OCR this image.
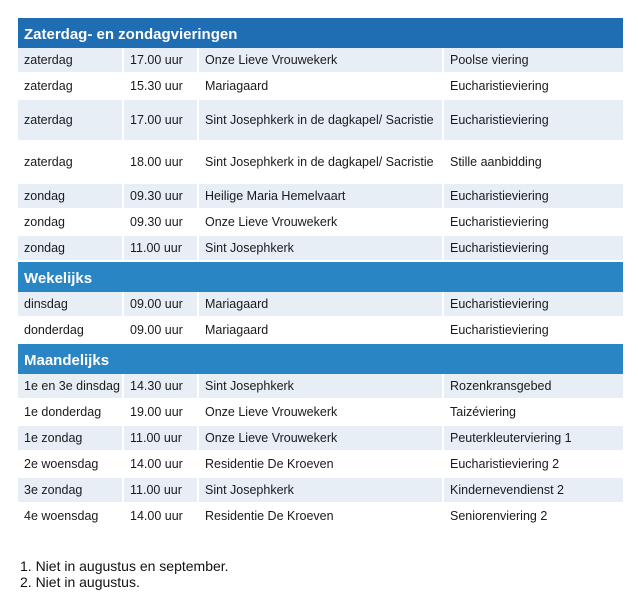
Zaterdag- en zondagvieringen
zaterdag	17.00 uur	Onze Lieve Vrouwekerk	Poolse viering
zaterdag	15.30 uur	Mariagaard	Eucharistieviering
zaterdag	17.00 uur	Sint Josephkerk in de dagkapel/ Sacristie	Eucharistieviering
zaterdag	18.00 uur	Sint Josephkerk in de dagkapel/ Sacristie	Stille aanbidding
zondag	09.30 uur	Heilige Maria Hemelvaart	Eucharistieviering
zondag	09.30 uur	Onze Lieve Vrouwekerk	Eucharistieviering
zondag	11.00 uur	Sint Josephkerk	Eucharistieviering
Wekelijks
dinsdag	09.00 uur	Mariagaard	Eucharistieviering
donderdag	09.00 uur	Mariagaard	Eucharistieviering
Maandelijks
1e en 3e dinsdag	14.30 uur	Sint Josephkerk	Rozenkransgebed
1e donderdag	19.00 uur	Onze Lieve Vrouwekerk	Taizéviering
1e zondag	11.00 uur	Onze Lieve Vrouwekerk	Peuterkleuterviering 1
2e woensdag	14.00 uur	Residentie De Kroeven	Eucharistieviering 2
3e zondag	11.00 uur	Sint Josephkerk	Kindernevendienst 2
4e woensdag	14.00 uur	Residentie De Kroeven	Seniorenviering 2
1. Niet in augustus en september.
2. Niet in augustus.
